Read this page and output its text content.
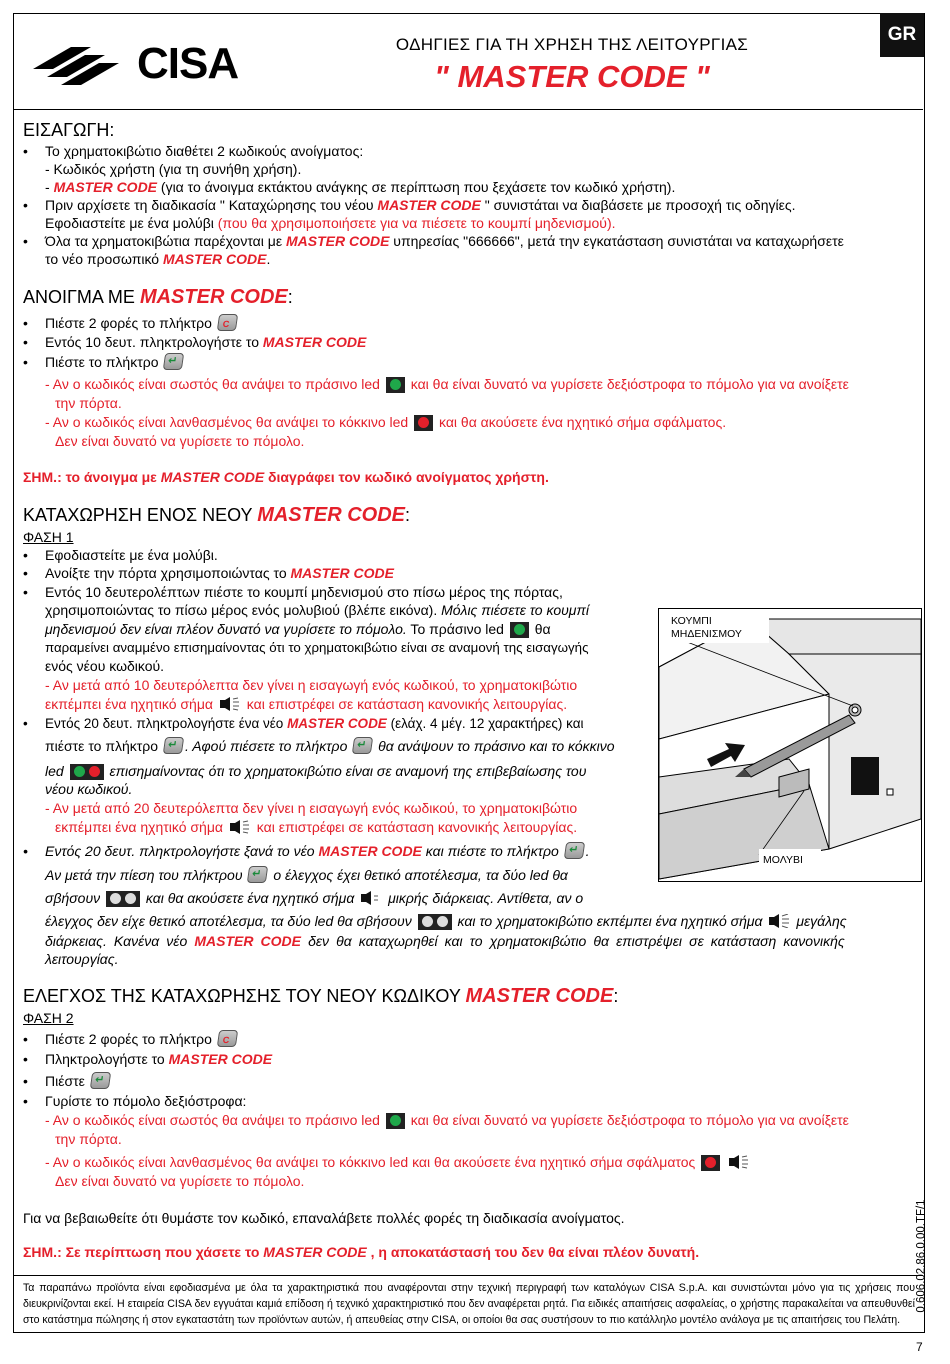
CISA	ΟΔΗΓΙΕΣ ΓΙΑ ΤΗ ΧΡΗΣΗ ΤΗΣ ΛΕΙΤΟΥΡΓΙΑΣ
" MASTER CODE "
GR
ΕΙΣΑΓΩΓΗ:
• Το χρηματοκιβώτιο διαθέτει 2 κωδικούς ανοίγματος:
- Κωδικός χρήστη (για τη συνήθη χρήση).
- MASTER CODE (για το άνοιγμα εκτάκτου ανάγκης σε περίπτωση που ξεχάσετε τον κωδικό χρήστη).
• Πριν αρχίσετε τη διαδικασία " Καταχώρησης του νέου MASTER CODE " συνιστάται να διαβάσετε με προσοχή τις οδηγίες.
Εφοδιαστείτε με ένα μολύβι (που θα χρησιμοποιήσετε για να πιέσετε το κουμπί μηδενισμού).
• Όλα τα χρηματοκιβώτια παρέχονται με MASTER CODE υπηρεσίας "666666", μετά την εγκατάσταση συνιστάται να καταχωρήσετε
το νέο προσωπικό MASTER CODE.
ΑΝΟΙΓΜΑ ΜΕ MASTER CODE:
• Πιέστε 2 φορές το πλήκτρο C
• Εντός 10 δευτ. πληκτρολογήστε το MASTER CODE
• Πιέστε το πλήκτρο ↵
- Αν ο κωδικός είναι σωστός θα ανάψει το πράσινο led και θα είναι δυνατό να γυρίσετε δεξιόστροφα το πόμολο για να ανοίξετε
την πόρτα.
- Αν ο κωδικός είναι λανθασμένος θα ανάψει το κόκκινο led και θα ακούσετε ένα ηχητικό σήμα σφάλματος.
Δεν είναι δυνατό να γυρίσετε το πόμολο.
ΣΗΜ.: το άνοιγμα με MASTER CODE διαγράφει τον κωδικό ανοίγματος χρήστη.
ΚΑΤΑΧΩΡΗΣΗ ΕΝΟΣ ΝΕΟΥ MASTER CODE:
ΦΑΣΗ 1
• Εφοδιαστείτε με ένα μολύβι.
• Ανοίξτε την πόρτα χρησιμοποιώντας το MASTER CODE
• Εντός 10 δευτερολέπτων πιέστε το κουμπί μηδενισμού στο πίσω μέρος της πόρτας,
χρησιμοποιώντας το πίσω μέρος ενός μολυβιού (βλέπε εικόνα). Μόλις πιέσετε το κουμπί
μηδενισμού δεν είναι πλέον δυνατό να γυρίσετε το πόμολο. Το πράσινο led θα
παραμείνει αναμμένο επισημαίνοντας ότι το χρηματοκιβώτιο είναι σε αναμονή της εισαγωγής
ενός νέου κωδικού.
- Αν μετά από 10 δευτερόλεπτα δεν γίνει η εισαγωγή ενός κωδικού, το χρηματοκιβώτιο
εκπέμπει ένα ηχητικό σήμα και επιστρέφει σε κατάσταση κανονικής λειτουργίας.
• Εντός 20 δευτ. πληκτρολογήστε ένα νέο MASTER CODE (ελάχ. 4 μέγ. 12 χαρακτήρες) και
πιέστε το πλήκτρο ↵ . Αφού πιέσετε το πλήκτρο ↵ θα ανάψουν το πράσινο και το κόκκινο
led	επισημαίνοντας ότι το χρηματοκιβώτιο είναι σε αναμονή της επιβεβαίωσης του
νέου κωδικού.
- Αν μετά από 20 δευτερόλεπτα δεν γίνει η εισαγωγή ενός κωδικού, το χρηματοκιβώτιο
εκπέμπει ένα ηχητικό σήμα και επιστρέφει σε κατάσταση κανονικής λειτουργίας.
• Εντός 20 δευτ. πληκτρολογήστε ξανά το νέο MASTER CODE και πιέστε το πλήκτρο ↵ .
Αν μετά την πίεση του πλήκτρου ↵ ο έλεγχος έχει θετικό αποτέλεσμα, τα δύο led θα
σβήσουν	και θα ακούσετε ένα ηχητικό σήμα μικρής διάρκειας. Αντίθετα, αν ο
έλεγχος δεν είχε θετικό αποτέλεσμα, τα δύο led θα σβήσουν	και το χρηματοκιβώτιο εκπέμπει ένα ηχητικό σήμα μεγάλης
διάρκειας. Κανένα νέο MASTER CODE δεν θα καταχωρηθεί και το χρηματοκιβώτιο θα επιστρέψει σε κατάσταση κανονικής
λειτουργίας.
ΚΟΥΜΠΙ
ΜΗΔΕΝΙΣΜΟΥ
ΜΟΛΥΒΙ
ΕΛΕΓΧΟΣ ΤΗΣ ΚΑΤΑΧΩΡΗΣΗΣ ΤΟΥ ΝΕΟΥ ΚΩΔΙΚΟΥ MASTER CODE:
ΦΑΣΗ 2
• Πιέστε 2 φορές το πλήκτρο C
• Πληκτρολογήστε το MASTER CODE
• Πιέστε ↵
• Γυρίστε το πόμολο δεξιόστροφα:
- Αν ο κωδικός είναι σωστός θα ανάψει το πράσινο led και θα είναι δυνατό να γυρίσετε δεξιόστροφα το πόμολο για να ανοίξετε
την πόρτα.
- Αν ο κωδικός είναι λανθασμένος θα ανάψει το κόκκινο led και θα ακούσετε ένα ηχητικό σήμα σφάλματος
Δεν είναι δυνατό να γυρίσετε το πόμολο.
Για να βεβαιωθείτε ότι θυμάστε τον κωδικό, επαναλάβετε πολλές φορές τη διαδικασία ανοίγματος.
ΣΗΜ.: Σε περίπτωση που χάσετε το MASTER CODE , η αποκατάστασή του δεν θα είναι πλέον δυνατή.
Τα παραπάνω προϊόντα είναι εφοδιασμένα με όλα τα χαρακτηριστικά που αναφέρονται στην τεχνική περιγραφή των καταλόγων CISA S.p.A. και συνιστώνται μόνο για τις χρήσεις που διευκρινίζονται εκεί. Η εταιρεία CISA δεν εγγυάται καμιά επίδοση ή τεχνικό χαρακτηριστικό που δεν αναφέρεται ρητά. Για ειδικές απαιτήσεις ασφαλείας, ο χρήστης παρακαλείται να απευθυνθεί στο κατάστημα πώλησης ή στον εγκαταστάτη των προϊόντων αυτών, ή απευθείας στην CISA, οι οποίοι θα σας συστήσουν το πιο κατάλληλο μοντέλο ανάλογα με τις απαιτήσεις του Πελάτη.
0.606.02.86.0.00.TF/1
7
